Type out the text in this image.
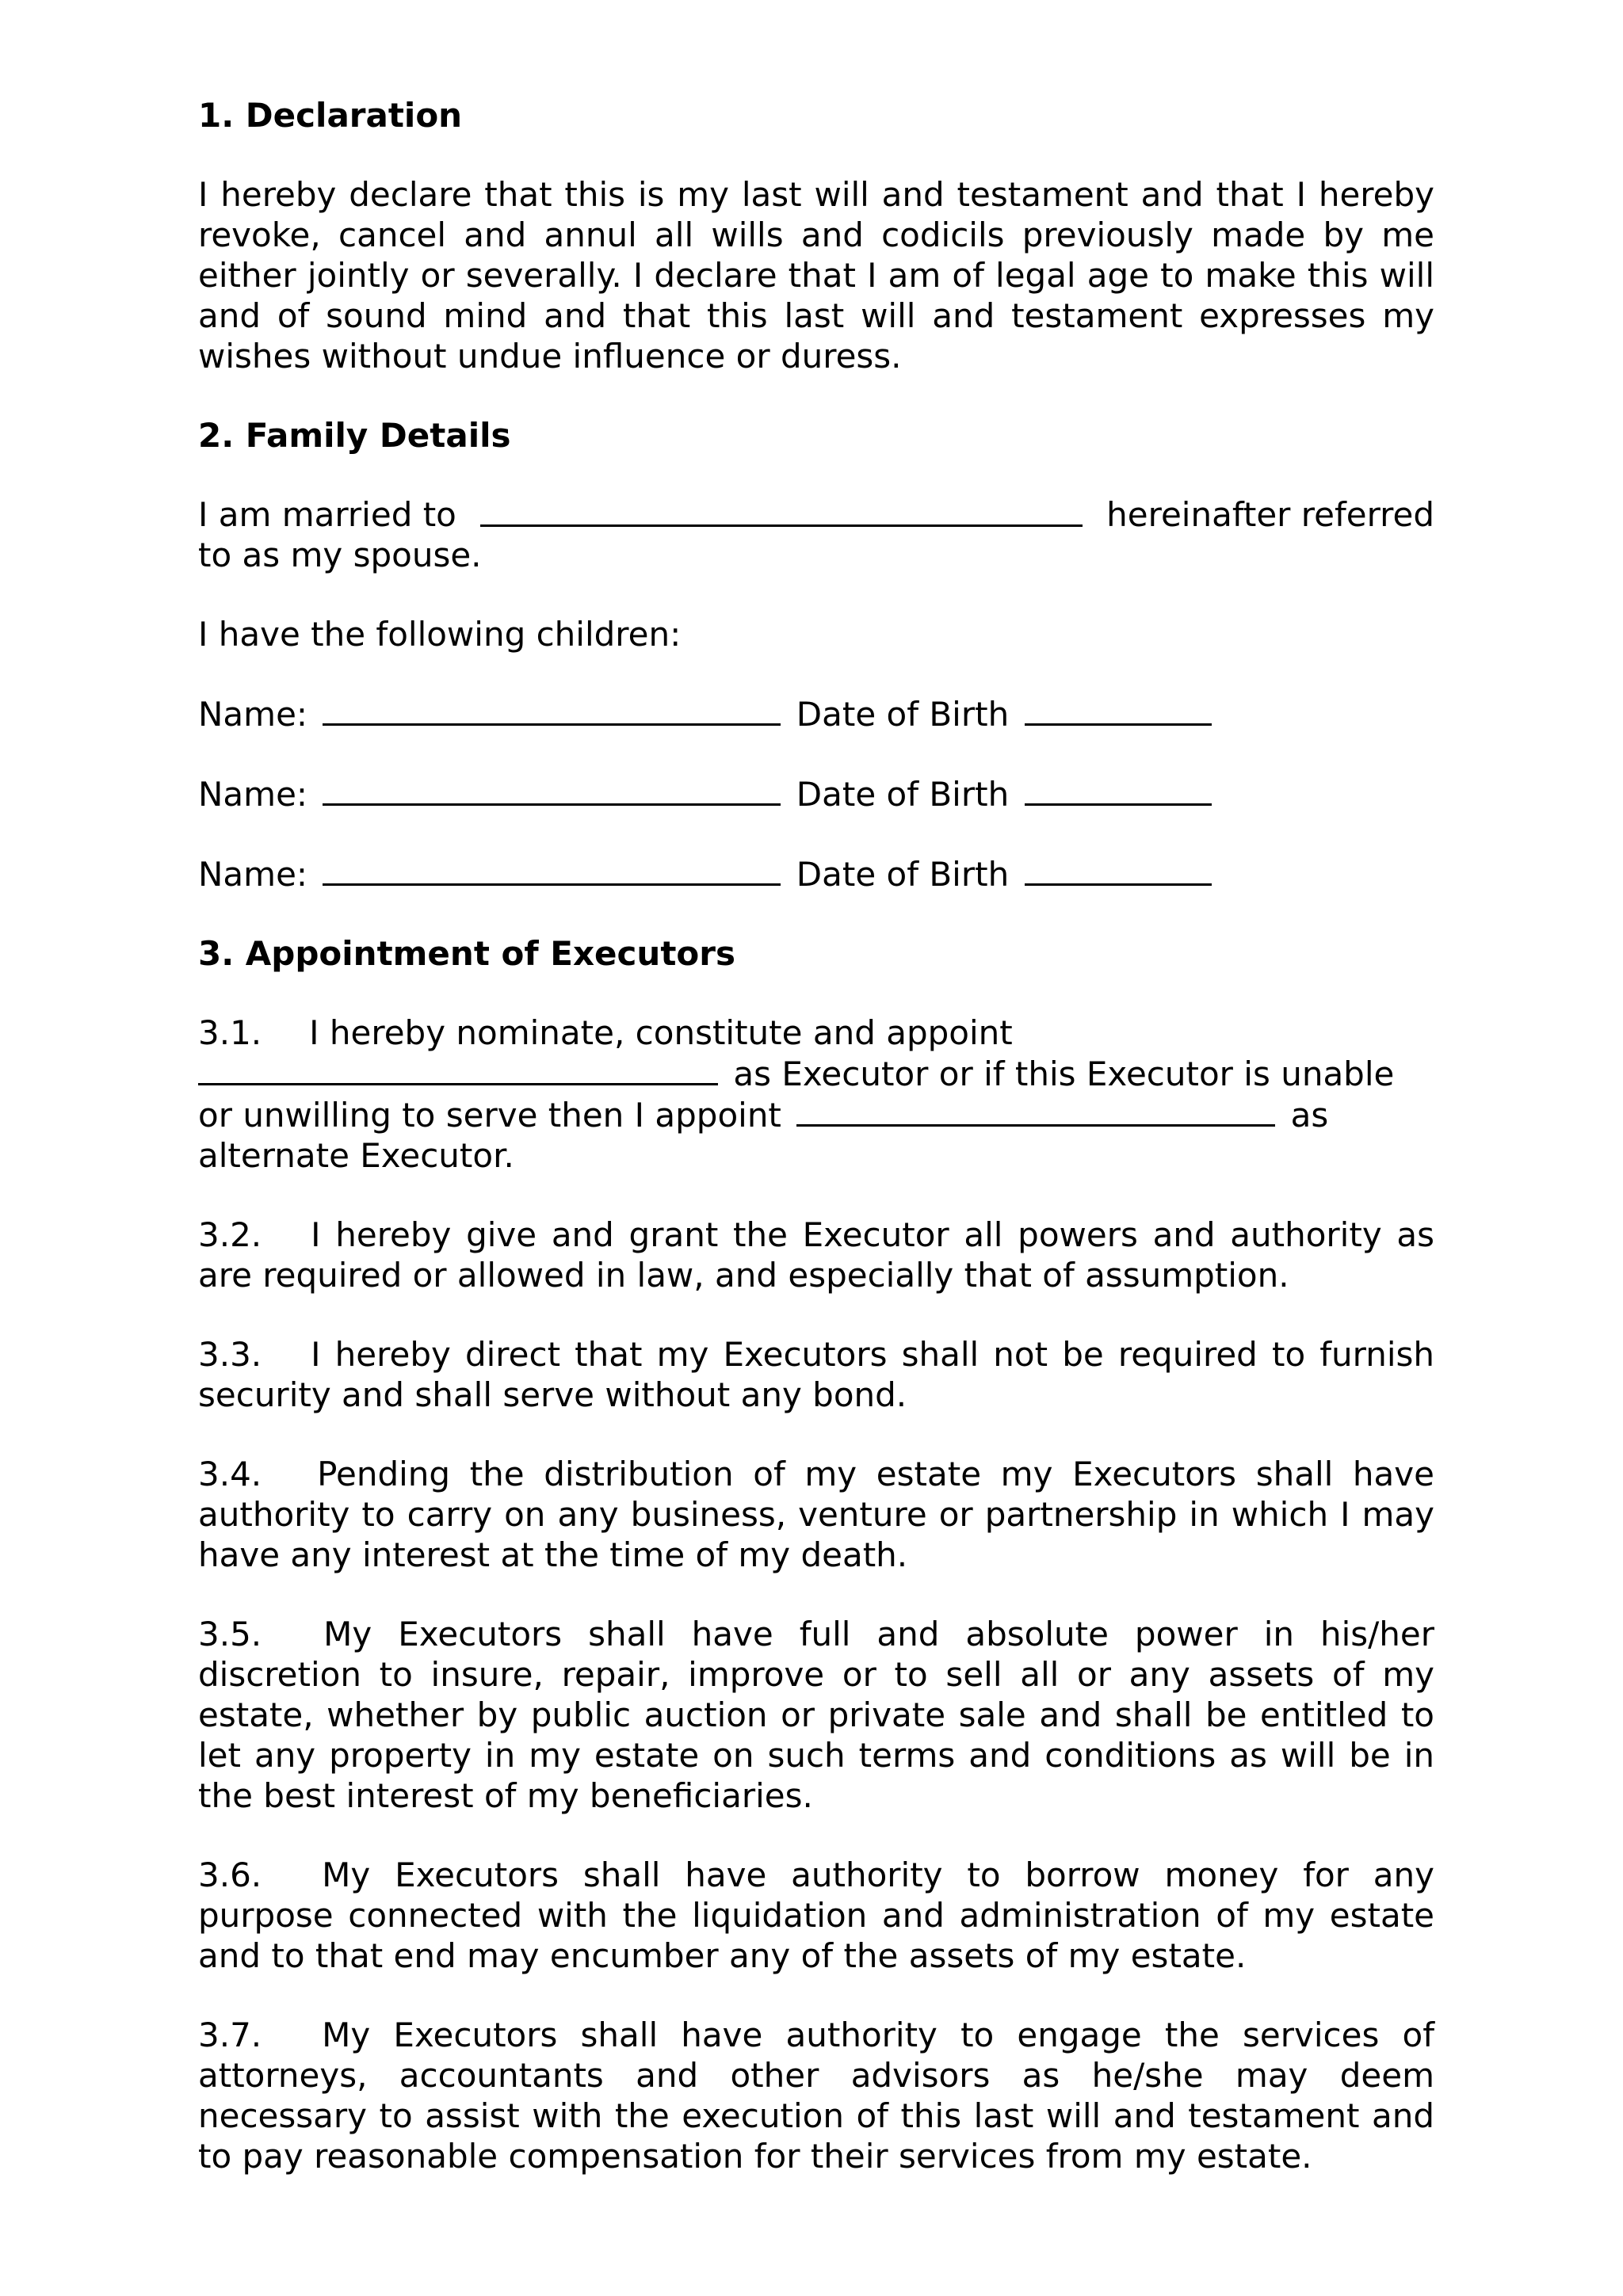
1. Declaration
I hereby declare that this is my last will and testament and that I hereby revoke, cancel and annul all wills and codicils previously made by me either jointly or severally. I declare that I am of legal age to make this will and of sound mind and that this last will and testament expresses my wishes without undue influence or duress.
2. Family Details
I am married to	hereinafter referred
to as my spouse.
I have the following children:
Name:	Date of Birth
Name:	Date of Birth
Name:	Date of Birth
3. Appointment of Executors
3.1. I hereby nominate, constitute and appoint
as Executor or if this Executor is unable
or unwilling to serve then I appoint	as
alternate Executor.
3.2. I hereby give and grant the Executor all powers and authority as are required or allowed in law, and especially that of assumption.
3.3. I hereby direct that my Executors shall not be required to furnish security and shall serve without any bond.
3.4. Pending the distribution of my estate my Executors shall have authority to carry on any business, venture or partnership in which I may have any interest at the time of my death.
3.5. My Executors shall have full and absolute power in his/her discretion to insure, repair, improve or to sell all or any assets of my estate, whether by public auction or private sale and shall be entitled to let any property in my estate on such terms and conditions as will be in the best interest of my beneficiaries.
3.6. My Executors shall have authority to borrow money for any purpose connected with the liquidation and administration of my estate and to that end may encumber any of the assets of my estate.
3.7. My Executors shall have authority to engage the services of attorneys, accountants and other advisors as he/she may deem necessary to assist with the execution of this last will and testament and to pay reasonable compensation for their services from my estate.
